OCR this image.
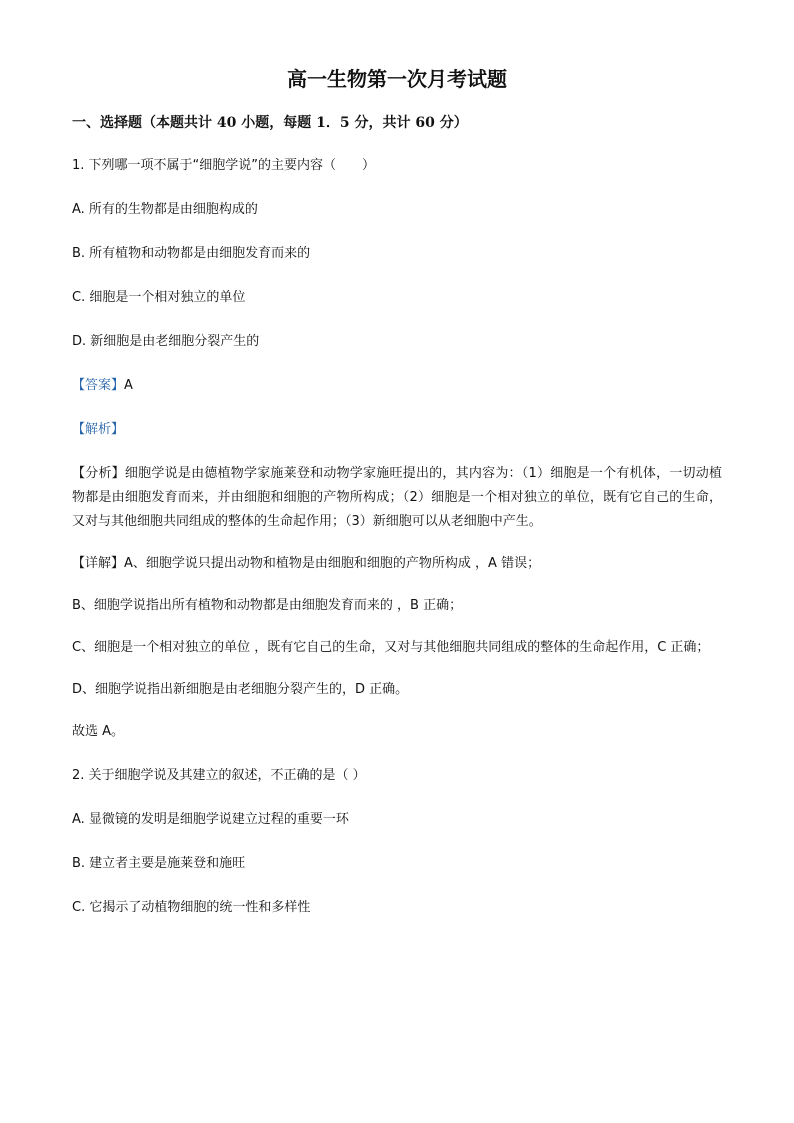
高一生物第一次月考试题
一、选择题（本题共计 40 小题，每题 1．5 分，共计 60 分）
1. 下列哪一项不属于“细胞学说”的主要内容（　　）
A. 所有的生物都是由细胞构成的
B. 所有植物和动物都是由细胞发育而来的
C. 细胞是一个相对独立的单位
D. 新细胞是由老细胞分裂产生的
【答案】A
【解析】
【分析】细胞学说是由德植物学家施莱登和动物学家施旺提出的，其内容为：（1）细胞是一个有机体，一切动植物都是由细胞发育而来，并由细胞和细胞的产物所构成；（2）细胞是一个相对独立的单位，既有它自己的生命，又对与其他细胞共同组成的整体的生命起作用；（3）新细胞可以从老细胞中产生。
【详解】A、细胞学说只提出动物和植物是由细胞和细胞的产物所构成 ，A 错误；
B、细胞学说指出所有植物和动物都是由细胞发育而来的 ，B 正确；
C、细胞是一个相对独立的单位 ，既有它自己的生命，又对与其他细胞共同组成的整体的生命起作用，C 正确；
D、细胞学说指出新细胞是由老细胞分裂产生的，D 正确。
故选 A。
2. 关于细胞学说及其建立的叙述，不正确的是（ ）
A. 显微镜的发明是细胞学说建立过程的重要一环
B. 建立者主要是施莱登和施旺
C. 它揭示了动植物细胞的统一性和多样性
